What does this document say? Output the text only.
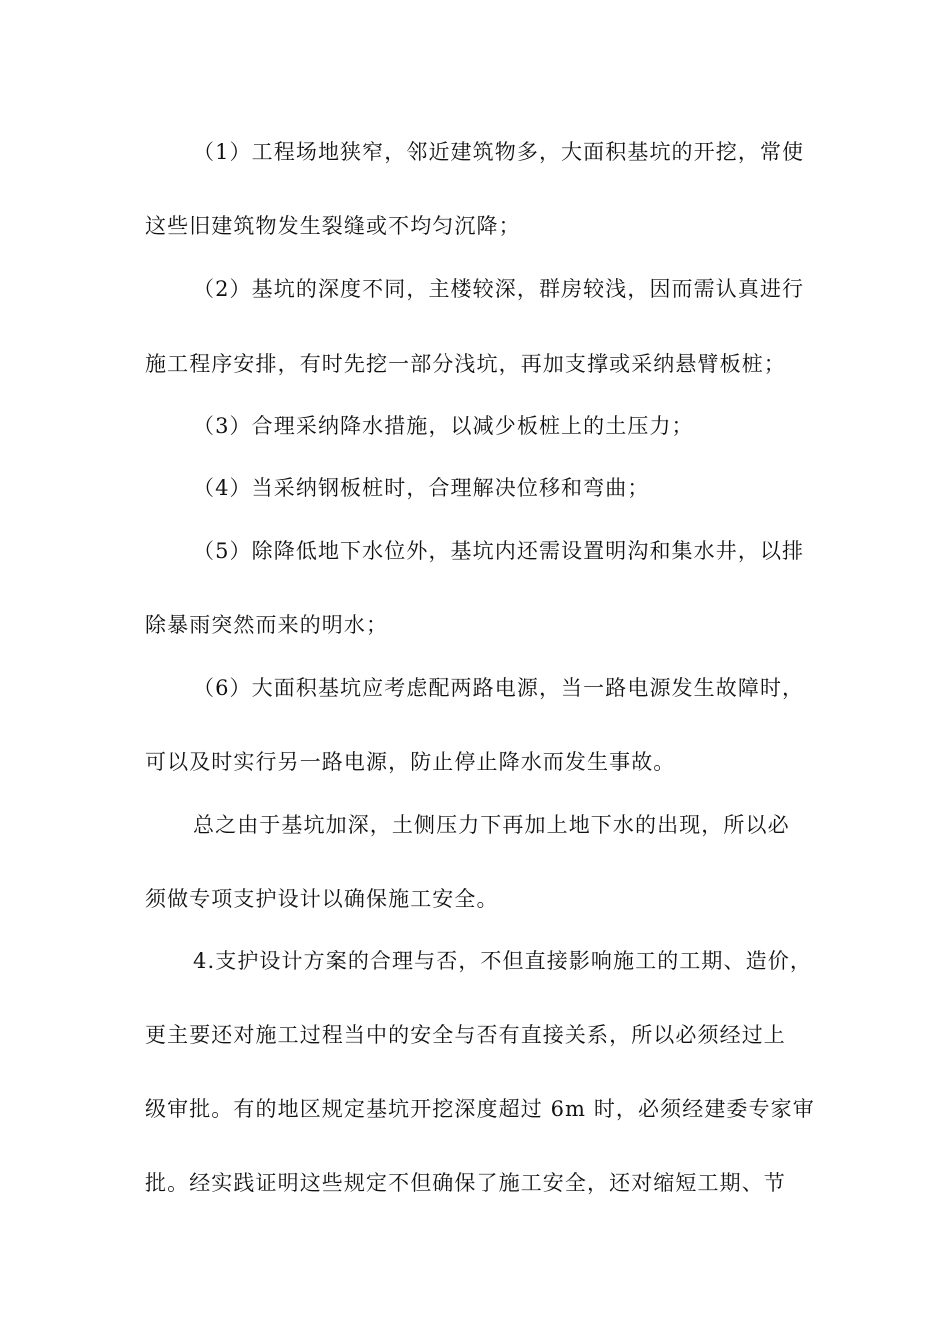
（1）工程场地狭窄，邻近建筑物多，大面积基坑的开挖，常使
这些旧建筑物发生裂缝或不均匀沉降；
（2）基坑的深度不同，主楼较深，群房较浅，因而需认真进行
施工程序安排，有时先挖一部分浅坑，再加支撑或采纳悬臂板桩；
（3）合理采纳降水措施，以减少板桩上的土压力；
（4）当采纳钢板桩时，合理解决位移和弯曲；
（5）除降低地下水位外，基坑内还需设置明沟和集水井，以排
除暴雨突然而来的明水；
（6）大面积基坑应考虑配两路电源，当一路电源发生故障时，
可以及时实行另一路电源，防止停止降水而发生事故。
总之由于基坑加深，土侧压力下再加上地下水的出现，所以必
须做专项支护设计以确保施工安全。
4.支护设计方案的合理与否，不但直接影响施工的工期、造价，
更主要还对施工过程当中的安全与否有直接关系，所以必须经过上
级审批。有的地区规定基坑开挖深度超过 6m 时，必须经建委专家审
批。经实践证明这些规定不但确保了施工安全，还对缩短工期、节
